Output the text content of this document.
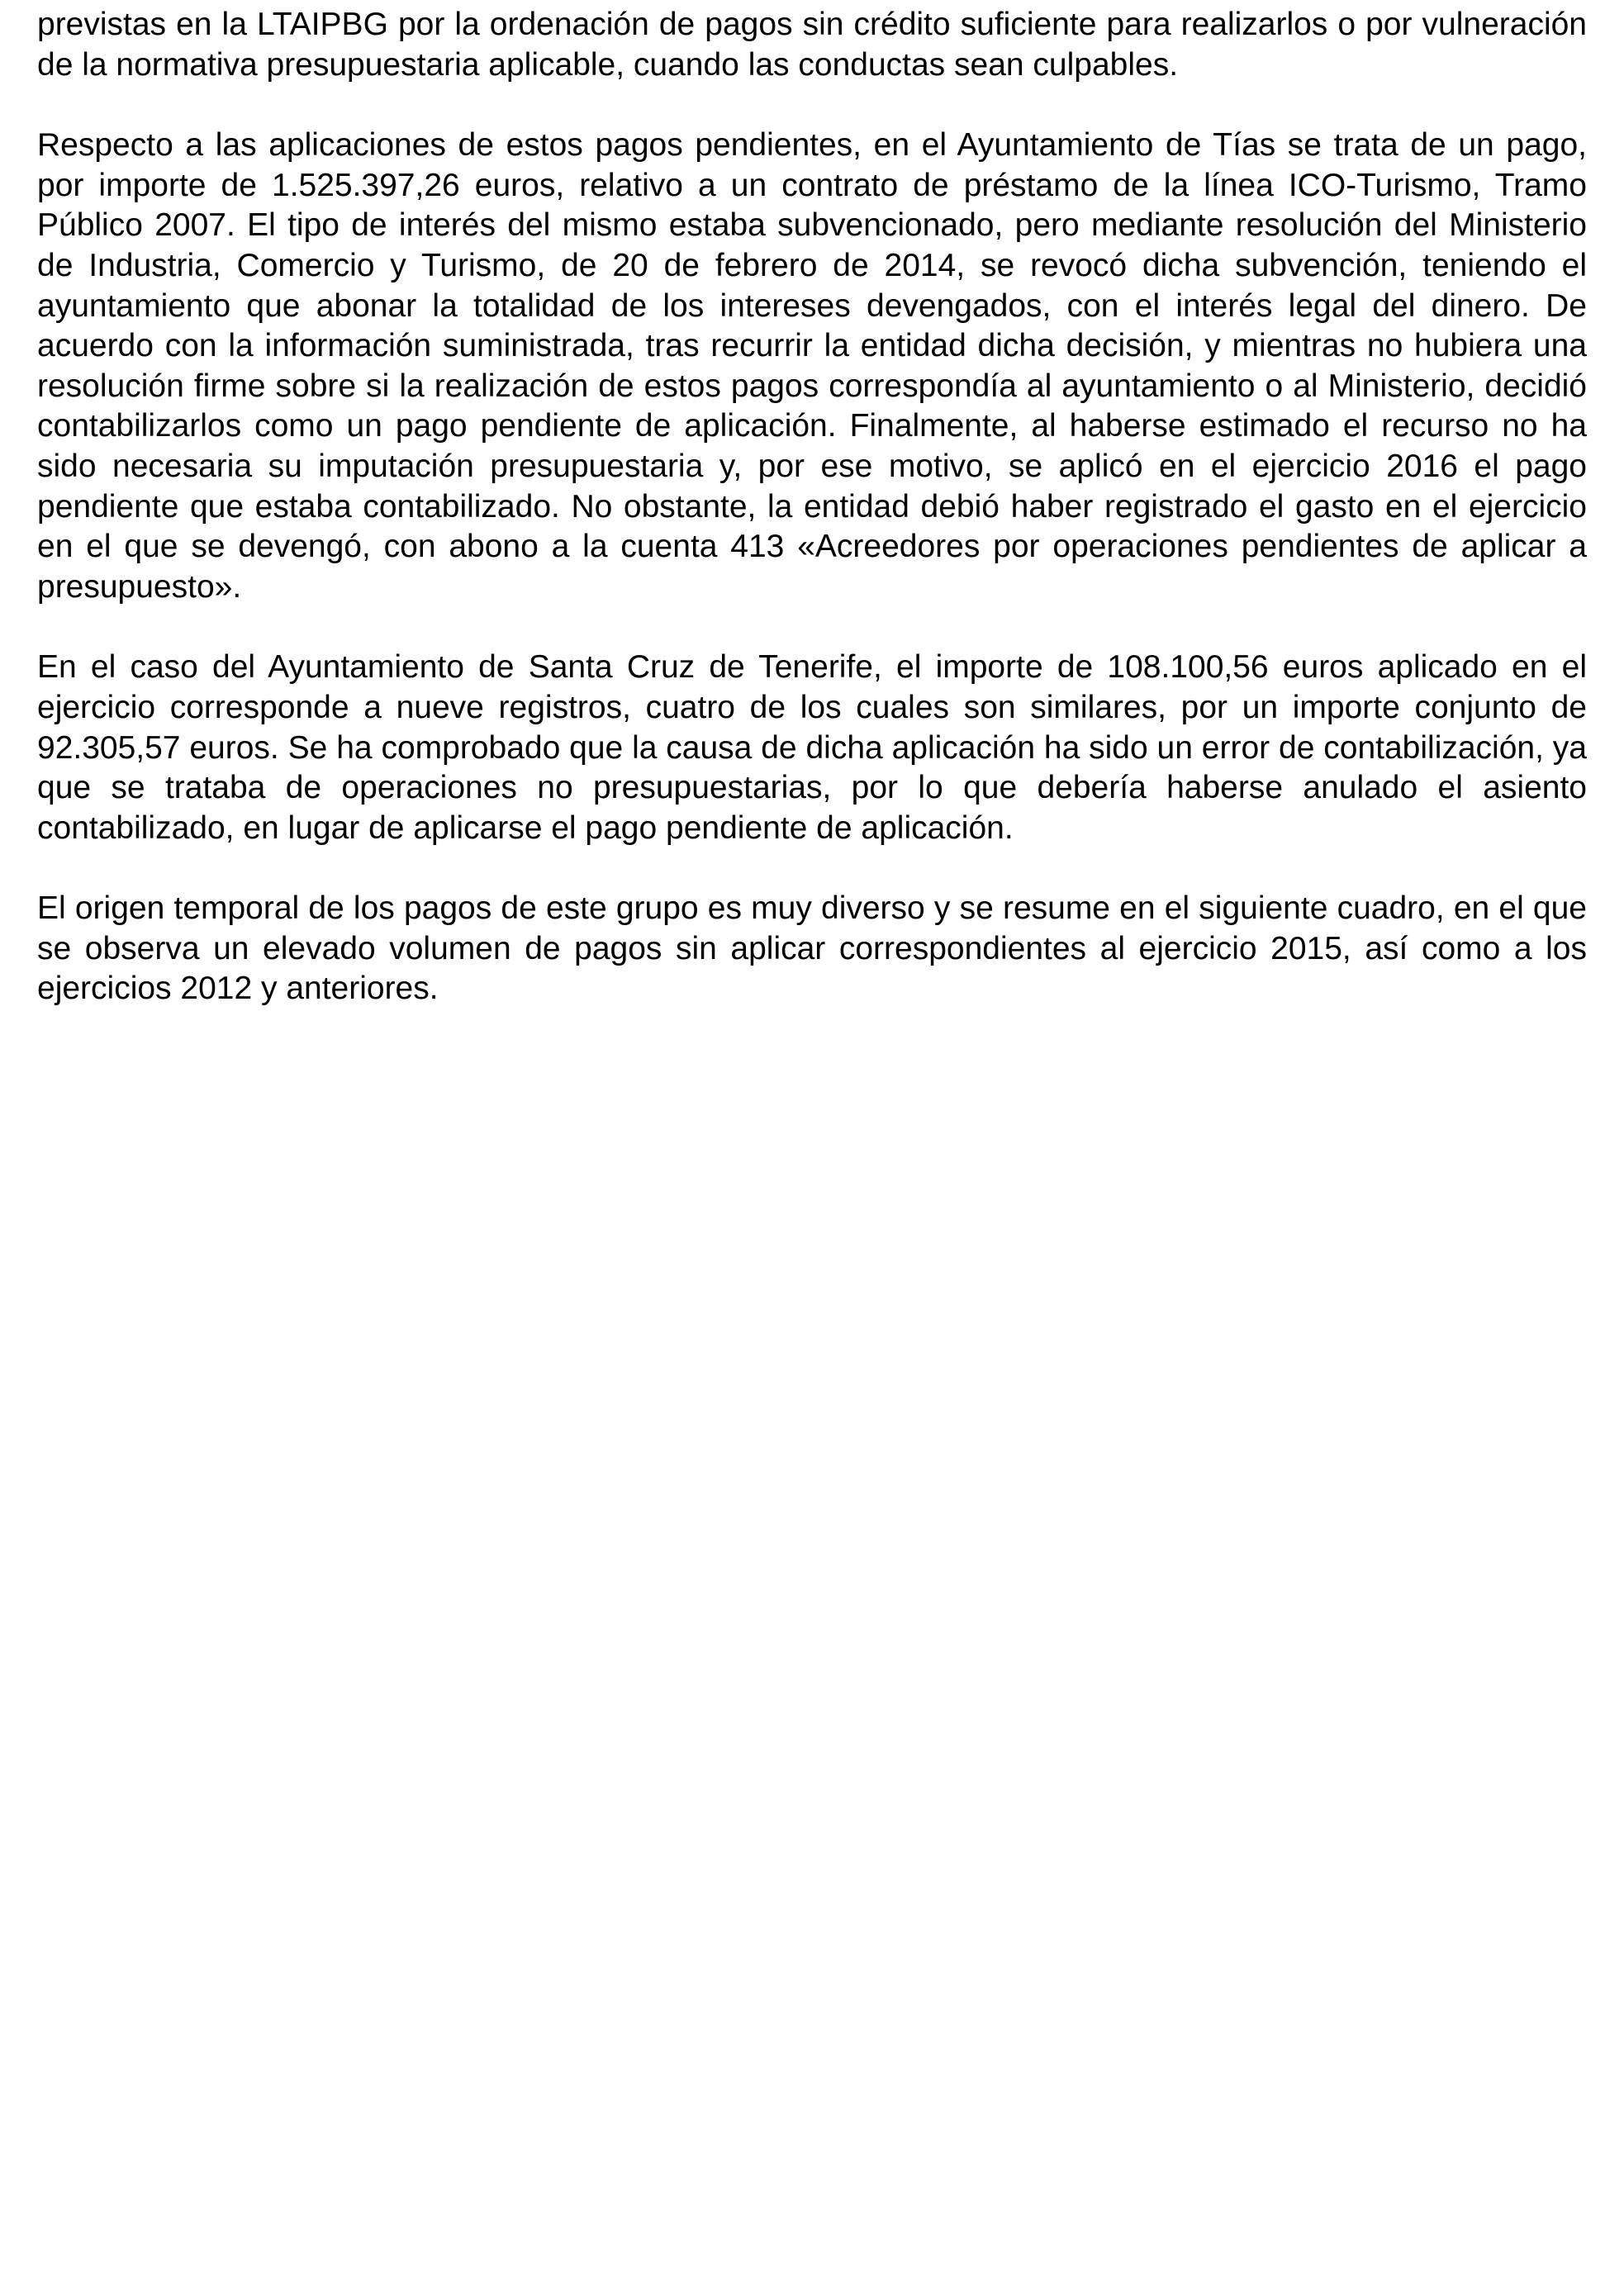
previstas en la LTAIPBG por la ordenación de pagos sin crédito suficiente para realizarlos o por vulneración de la normativa presupuestaria aplicable, cuando las conductas sean culpables.

Respecto a las aplicaciones de estos pagos pendientes, en el Ayuntamiento de Tías se trata de un pago, por importe de 1.525.397,26 euros, relativo a un contrato de préstamo de la línea ICO-Turismo, Tramo Público 2007. El tipo de interés del mismo estaba subvencionado, pero mediante resolución del Ministerio de Industria, Comercio y Turismo, de 20 de febrero de 2014, se revocó dicha subvención, teniendo el ayuntamiento que abonar la totalidad de los intereses devengados, con el interés legal del dinero. De acuerdo con la información suministrada, tras recurrir la entidad dicha decisión, y mientras no hubiera una resolución firme sobre si la realización de estos pagos correspondía al ayuntamiento o al Ministerio, decidió contabilizarlos como un pago pendiente de aplicación. Finalmente, al haberse estimado el recurso no ha sido necesaria su imputación presupuestaria y, por ese motivo, se aplicó en el ejercicio 2016 el pago pendiente que estaba contabilizado. No obstante, la entidad debió haber registrado el gasto en el ejercicio en el que se devengó, con abono a la cuenta 413 «Acreedores por operaciones pendientes de aplicar a presupuesto».

En el caso del Ayuntamiento de Santa Cruz de Tenerife, el importe de 108.100,56 euros aplicado en el ejercicio corresponde a nueve registros, cuatro de los cuales son similares, por un importe conjunto de 92.305,57 euros. Se ha comprobado que la causa de dicha aplicación ha sido un error de contabilización, ya que se trataba de operaciones no presupuestarias, por lo que debería haberse anulado el asiento contabilizado, en lugar de aplicarse el pago pendiente de aplicación.

El origen temporal de los pagos de este grupo es muy diverso y se resume en el siguiente cuadro, en el que se observa un elevado volumen de pagos sin aplicar correspondientes al ejercicio 2015, así como a los ejercicios 2012 y anteriores.
